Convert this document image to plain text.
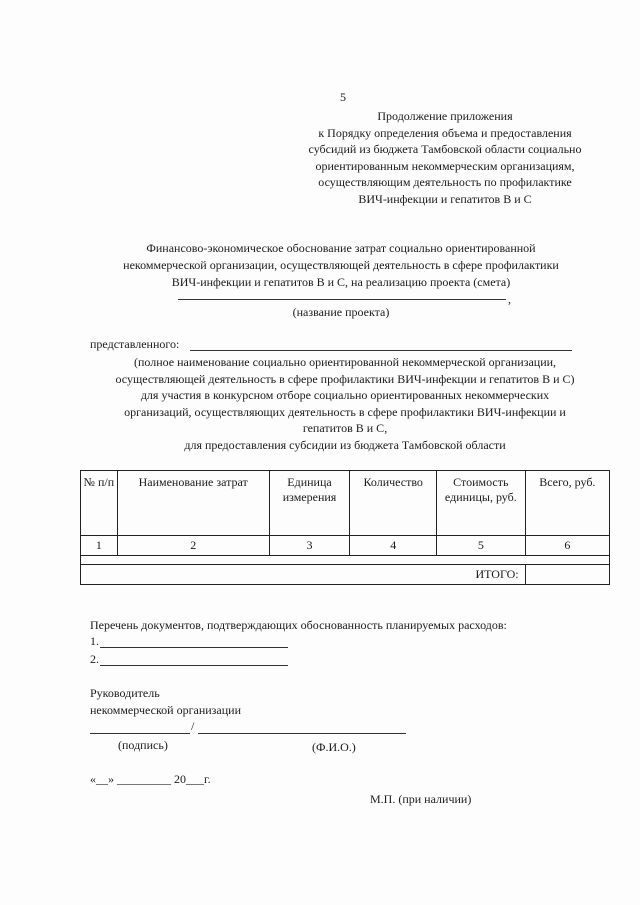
5
Продолжение приложения
к Порядку определения объема и предоставления
субсидий из бюджета Тамбовской области социально
ориентированным некоммерческим организациям,
осуществляющим деятельность по профилактике
ВИЧ-инфекции и гепатитов В и С
Финансово-экономическое обоснование затрат социально ориентированной
некоммерческой организации, осуществляющей деятельность в сфере профилактики
ВИЧ-инфекции и гепатитов В и С, на реализацию проекта (смета)
,
(название проекта)
представленного:
(полное наименование социально ориентированной некоммерческой организации,
осуществляющей деятельность в сфере профилактики ВИЧ-инфекции и гепатитов В и С)
для участия в конкурсном отборе социально ориентированных некоммерческих
организаций, осуществляющих деятельность в сфере профилактики ВИЧ-инфекции и
гепатитов В и С,
для предоставления субсидии из бюджета Тамбовской области
№ п/п	Наименование затрат	Единица измерения	Количество	Стоимость единицы, руб.	Всего, руб.
1	2	3	4	5	6

ИТОГО:					
Перечень документов, подтверждающих обоснованность планируемых расходов:
1.
2.
Руководитель
некоммерческой организации
/
(подпись)	(Ф.И.О.)
«__» _________ 20___г.
М.П. (при наличии)
